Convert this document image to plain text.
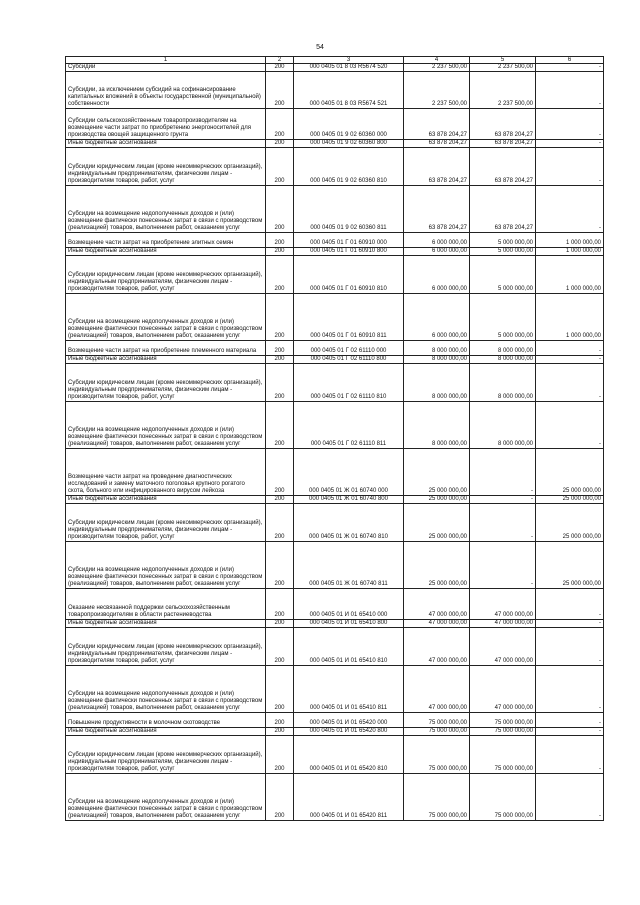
54
1	2	3	4	5	6
Субсидии	200	000 0405 01 8 03 R5674 520	2 237 500,00	2 237 500,00	-
Субсидии, за исключением субсидий на софинансирование капитальных вложений в объекты государственной (муниципальной) собственности	200	000 0405 01 8 03 R5674 521	2 237 500,00	2 237 500,00	-
Субсидии сельскохозяйственным товаропроизводителям на возмещение части затрат по приобретению энергоносителей для производства овощей защищенного грунта	200	000 0405 01 9 02 60360 000	63 878 204,27	63 878 204,27	-
Иные бюджетные ассигнования	200	000 0405 01 9 02 60360 800	63 878 204,27	63 878 204,27	-
Субсидии юридическим лицам (кроме некоммерческих организаций), индивидуальным предпринимателям, физическим лицам - производителям товаров, работ, услуг	200	000 0405 01 9 02 60360 810	63 878 204,27	63 878 204,27	-
Субсидии на возмещение недополученных доходов и (или) возмещение фактически понесенных затрат в связи с производством (реализацией) товаров, выполнением работ, оказанием услуг	200	000 0405 01 9 02 60360 811	63 878 204,27	63 878 204,27	-
Возмещение части затрат на приобретение элитных семян	200	000 0405 01 Г 01 60910 000	6 000 000,00	5 000 000,00	1 000 000,00
Иные бюджетные ассигнования	200	000 0405 01 Г 01 60910 800	6 000 000,00	5 000 000,00	1 000 000,00
Субсидии юридическим лицам (кроме некоммерческих организаций), индивидуальным предпринимателям, физическим лицам - производителям товаров, работ, услуг	200	000 0405 01 Г 01 60910 810	6 000 000,00	5 000 000,00	1 000 000,00
Субсидии на возмещение недополученных доходов и (или) возмещение фактически понесенных затрат в связи с производством (реализацией) товаров, выполнением работ, оказанием услуг	200	000 0405 01 Г 01 60910 811	6 000 000,00	5 000 000,00	1 000 000,00
Возмещение части затрат на приобретение племенного материала	200	000 0405 01 Г 02 61110 000	8 000 000,00	8 000 000,00	-
Иные бюджетные ассигнования	200	000 0405 01 Г 02 61110 800	8 000 000,00	8 000 000,00	-
Субсидии юридическим лицам (кроме некоммерческих организаций), индивидуальным предпринимателям, физическим лицам - производителям товаров, работ, услуг	200	000 0405 01 Г 02 61110 810	8 000 000,00	8 000 000,00	-
Субсидии на возмещение недополученных доходов и (или) возмещение фактически понесенных затрат в связи с производством (реализацией) товаров, выполнением работ, оказанием услуг	200	000 0405 01 Г 02 61110 811	8 000 000,00	8 000 000,00	-
Возмещение части затрат на проведение диагностических исследований и замену маточного поголовья крупного рогатого скота, больного или инфицированного вирусом лейкоза	200	000 0405 01 Ж 01 60740 000	25 000 000,00	-	25 000 000,00
Иные бюджетные ассигнования	200	000 0405 01 Ж 01 60740 800	25 000 000,00	-	25 000 000,00
Субсидии юридическим лицам (кроме некоммерческих организаций), индивидуальным предпринимателям, физическим лицам - производителям товаров, работ, услуг	200	000 0405 01 Ж 01 60740 810	25 000 000,00	-	25 000 000,00
Субсидии на возмещение недополученных доходов и (или) возмещение фактически понесенных затрат в связи с производством (реализацией) товаров, выполнением работ, оказанием услуг	200	000 0405 01 Ж 01 60740 811	25 000 000,00	-	25 000 000,00
Оказание несвязанной поддержки сельскохозяйственным товаропроизводителям в области растениеводства	200	000 0405 01 И 01 65410 000	47 000 000,00	47 000 000,00	-
Иные бюджетные ассигнования	200	000 0405 01 И 01 65410 800	47 000 000,00	47 000 000,00	-
Субсидии юридическим лицам (кроме некоммерческих организаций), индивидуальным предпринимателям, физическим лицам - производителям товаров, работ, услуг	200	000 0405 01 И 01 65410 810	47 000 000,00	47 000 000,00	-
Субсидии на возмещение недополученных доходов и (или) возмещение фактически понесенных затрат в связи с производством (реализацией) товаров, выполнением работ, оказанием услуг	200	000 0405 01 И 01 65410 811	47 000 000,00	47 000 000,00	-
Повышение продуктивности в молочном скотоводстве	200	000 0405 01 И 01 65420 000	75 000 000,00	75 000 000,00	-
Иные бюджетные ассигнования	200	000 0405 01 И 01 65420 800	75 000 000,00	75 000 000,00	-
Субсидии юридическим лицам (кроме некоммерческих организаций), индивидуальным предпринимателям, физическим лицам - производителям товаров, работ, услуг	200	000 0405 01 И 01 65420 810	75 000 000,00	75 000 000,00	-
Субсидии на возмещение недополученных доходов и (или) возмещение фактически понесенных затрат в связи с производством (реализацией) товаров, выполнением работ, оказанием услуг	200	000 0405 01 И 01 65420 811	75 000 000,00	75 000 000,00	-
